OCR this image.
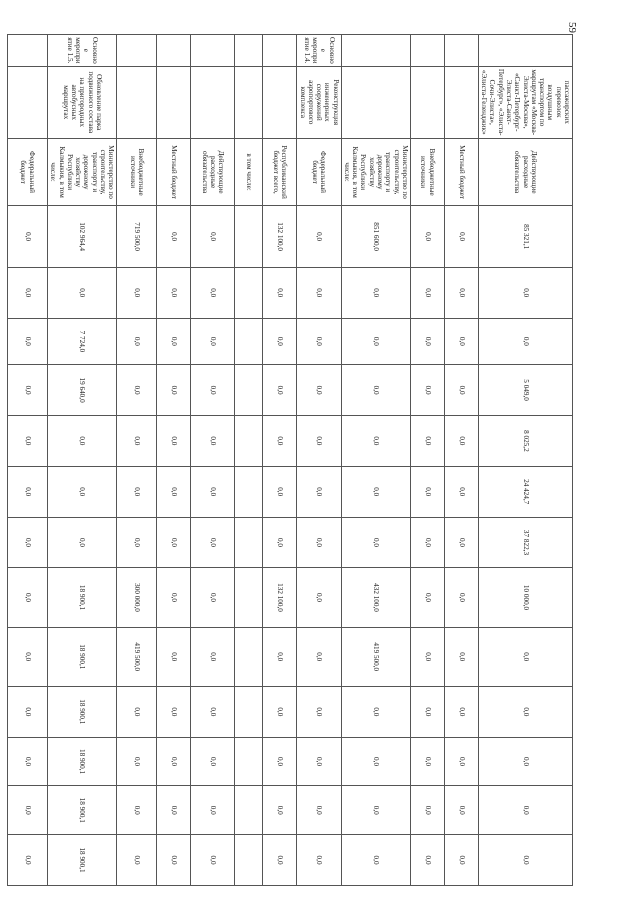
59
	пассажирских перевозок воздушным транспортом по маршрутам «Москва-Элиста-Москва», «Санкт-Петербург-Элиста-Санкт-Петербург», «Элиста-Сочи-Элиста», «Элиста-Геленджик»	Действующие расходные обязательства	85 321,1	0,0	0,0	5 049,0	8 025,2	24 424,7	37 822,3	10 000,0	0,0	0,0	0,0	0,0	0,0
		Местный бюджет	0,0	0,0	0,0	0,0	0,0	0,0	0,0	0,0	0,0	0,0	0,0	0,0	0,0
		Внебюджетные источники	0,0	0,0	0,0	0,0	0,0	0,0	0,0	0,0	0,0	0,0	0,0	0,0	0,0
		Министерство по строительству, транспорту и дорожному хозяйству Республики Калмыкия, в том числе:	851 600,0	0,0	0,0	0,0	0,0	0,0	0,0	432 100,0	419 500,0	0,0	0,0	0,0	0,0
Основное мероприятие 1.4.	Реконструкция инженерных сооружений аэропортового комплекса	Федеральный бюджет	0,0	0,0	0,0	0,0	0,0	0,0	0,0	0,0	0,0	0,0	0,0	0,0	0,0
		Республиканский бюджет всего,	132 100,0	0,0	0,0	0,0	0,0	0,0	0,0	132 100,0	0,0	0,0	0,0	0,0	0,0
		в том числе:													
		Действующие расходные обязательства	0,0	0,0	0,0	0,0	0,0	0,0	0,0	0,0	0,0	0,0	0,0	0,0	0,0
		Местный бюджет	0,0	0,0	0,0	0,0	0,0	0,0	0,0	0,0	0,0	0,0	0,0	0,0	0,0
		Внебюджетные источники	719 500,0	0,0	0,0	0,0	0,0	0,0	0,0	300 000,0	419 500,0	0,0	0,0	0,0	0,0
Основное мероприятие 1.5.	Обновление парка подвижного состава на пригородных автобусных маршрутах	Министерство по строительству, транспорту и дорожному хозяйству Республики Калмыкия, в том числе:	102 964,4	0,0	7 724,0	19 640,0	0,0	0,0	0,0	18 900,1	18 900,1	18 900,1	18 900,1	18 900,1	18 900,1
		Федеральный бюджет	0,0	0,0	0,0	0,0	0,0	0,0	0,0	0,0	0,0	0,0	0,0	0,0	0,0
